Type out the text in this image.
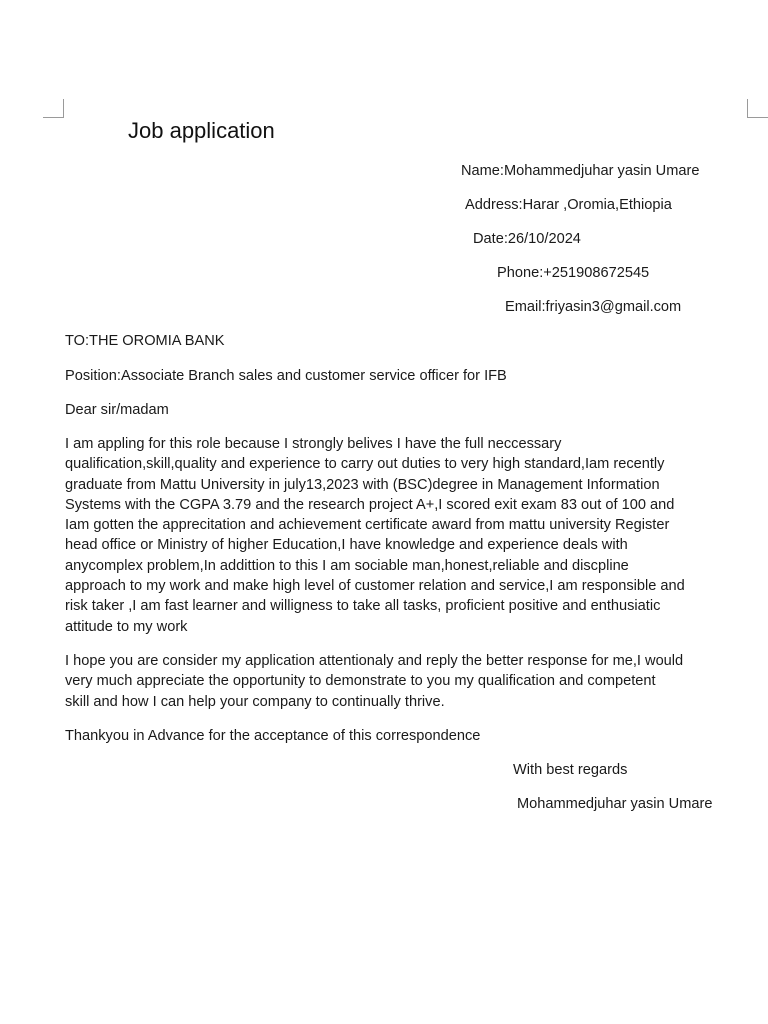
Job application
Name:Mohammedjuhar yasin Umare
Address:Harar ,Oromia,Ethiopia
Date:26/10/2024
Phone:+251908672545
Email:friyasin3@gmail.com
TO:THE OROMIA BANK
Position:Associate Branch sales and customer service officer for IFB
Dear sir/madam
I am appling for this role because I strongly belives I have the full neccessary
qualification,skill,quality and experience to carry out duties to very high standard,Iam recently
graduate from Mattu University in july13,2023 with (BSC)degree in Management Information
Systems with the CGPA 3.79 and the research project A+,I scored exit exam 83 out of 100 and
Iam gotten the apprecitation and achievement certificate award from mattu university Register
head office or Ministry of higher Education,I have knowledge and experience deals with
anycomplex problem,In addittion to this I am sociable man,honest,reliable and discpline
approach to my work and make high level of customer relation and service,I am responsible and
risk taker ,I am fast learner and willigness to take all tasks, proficient positive and enthusiatic
attitude to my work
I hope you are consider my application attentionaly and reply the better response for me,I would
very much appreciate the opportunity to demonstrate to you my qualification and competent
skill and how I can help your company to continually thrive.
Thankyou in Advance for the acceptance of this correspondence
With best regards
Mohammedjuhar yasin Umare
